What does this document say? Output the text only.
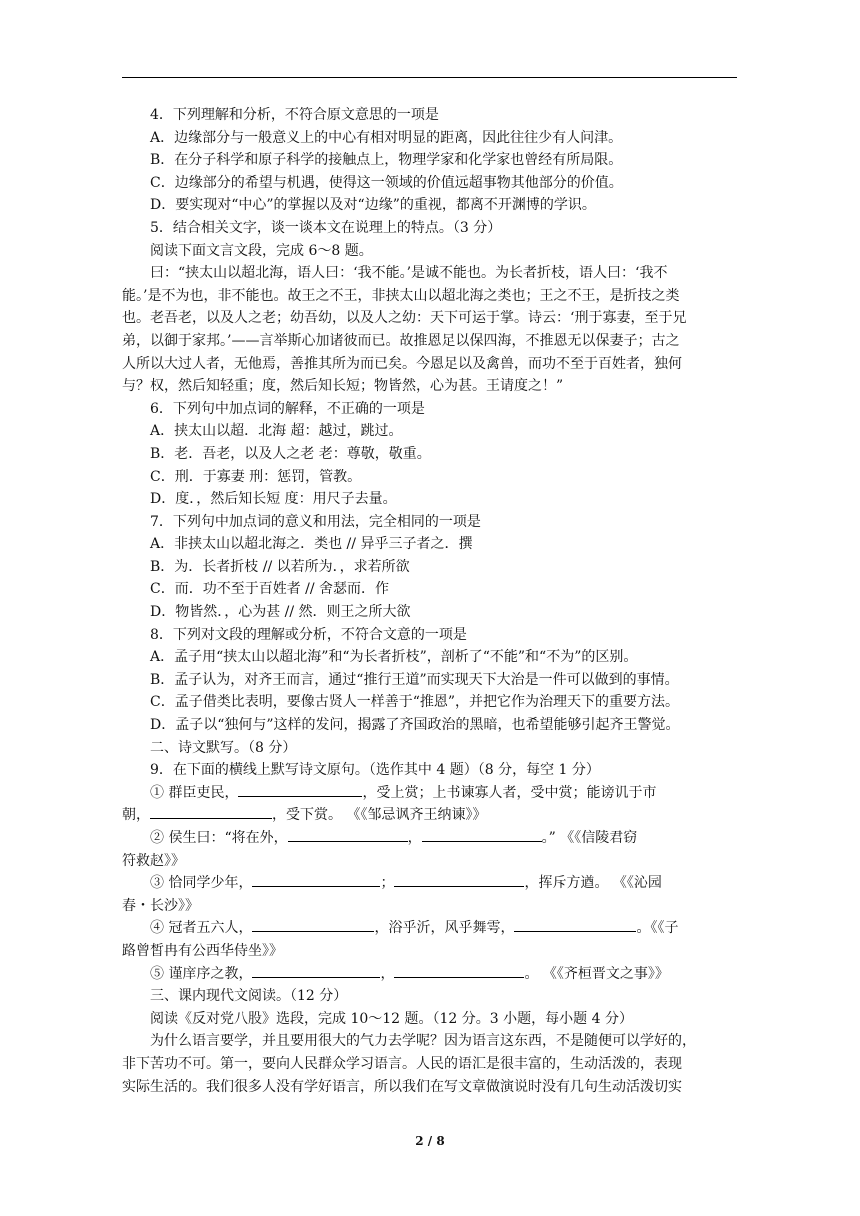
4．下列理解和分析，不符合原文意思的一项是
A．边缘部分与一般意义上的中心有相对明显的距离，因此往往少有人问津。
B．在分子科学和原子科学的接触点上，物理学家和化学家也曾经有所局限。
C．边缘部分的希望与机遇，使得这一领域的价值远超事物其他部分的价值。
D．要实现对“中心”的掌握以及对“边缘”的重视，都离不开渊博的学识。
5．结合相关文字，谈一谈本文在说理上的特点。（3 分）
阅读下面文言文段，完成 6～8 题。
曰：“挟太山以超北海，语人曰：‘我不能。’是诚不能也。为长者折枝，语人曰：‘我不
能。’是不为也，非不能也。故王之不王，非挟太山以超北海之类也；王之不王，是折技之类
也。老吾老，以及人之老；幼吾幼，以及人之幼：天下可运于掌。诗云：‘刑于寡妻，至于兄
弟，以御于家邦。’——言举斯心加诸彼而已。故推恩足以保四海，不推恩无以保妻子；古之
人所以大过人者，无他焉，善推其所为而已矣。今恩足以及禽兽，而功不至于百姓者，独何
与？权，然后知轻重；度，然后知长短；物皆然，心为甚。王请度之！”
6．下列句中加点词的解释，不正确的一项是
A．挟太山以超．北海 超：越过，跳过。
B．老．吾老，以及人之老 老：尊敬，敬重。
C．刑．于寡妻 刑：惩罚，管教。
D．度．，然后知长短 度：用尺子去量。
7．下列句中加点词的意义和用法，完全相同的一项是
A．非挟太山以超北海之．类也 // 异乎三子者之．撰
B．为．长者折枝 // 以若所为．，求若所欲
C．而．功不至于百姓者 // 舍瑟而．作
D．物皆然．，心为甚 // 然．则王之所大欲
8．下列对文段的理解或分析，不符合文意的一项是
A．孟子用“挟太山以超北海”和“为长者折枝”，剖析了“不能”和“不为”的区别。
B．孟子认为，对齐王而言，通过“推行王道”而实现天下大治是一件可以做到的事情。
C．孟子借类比表明，要像古贤人一样善于“推恩”，并把它作为治理天下的重要方法。
D．孟子以“独何与”这样的发问，揭露了齐国政治的黑暗，也希望能够引起齐王警觉。
二、诗文默写。（8 分）
9．在下面的横线上默写诗文原句。（选作其中 4 题）（8 分，每空 1 分）
① 群臣吏民，	，受上赏；上书谏寡人者，受中赏；能谤讥于市
朝，	，受下赏。 《《邹忌讽齐王纳谏》》
② 侯生曰：“将在外，	，	。” 《《信陵君窃
符救赵》》
③ 恰同学少年，	；	，挥斥方遒。 《《沁园
春・长沙》》
④ 冠者五六人，	，浴乎沂，风乎舞雩，	。《《子
路曾皙冉有公西华侍坐》》
⑤ 谨庠序之教，	，	。 《《齐桓晋文之事》》
三、课内现代文阅读。（12 分）
阅读《反对党八股》选段，完成 10～12 题。（12 分。3 小题，每小题 4 分）
为什么语言要学，并且要用很大的气力去学呢？因为语言这东西，不是随便可以学好的，
非下苦功不可。第一，要向人民群众学习语言。人民的语汇是很丰富的，生动活泼的，表现
实际生活的。我们很多人没有学好语言，所以我们在写文章做演说时没有几句生动活泼切实
2 / 8
